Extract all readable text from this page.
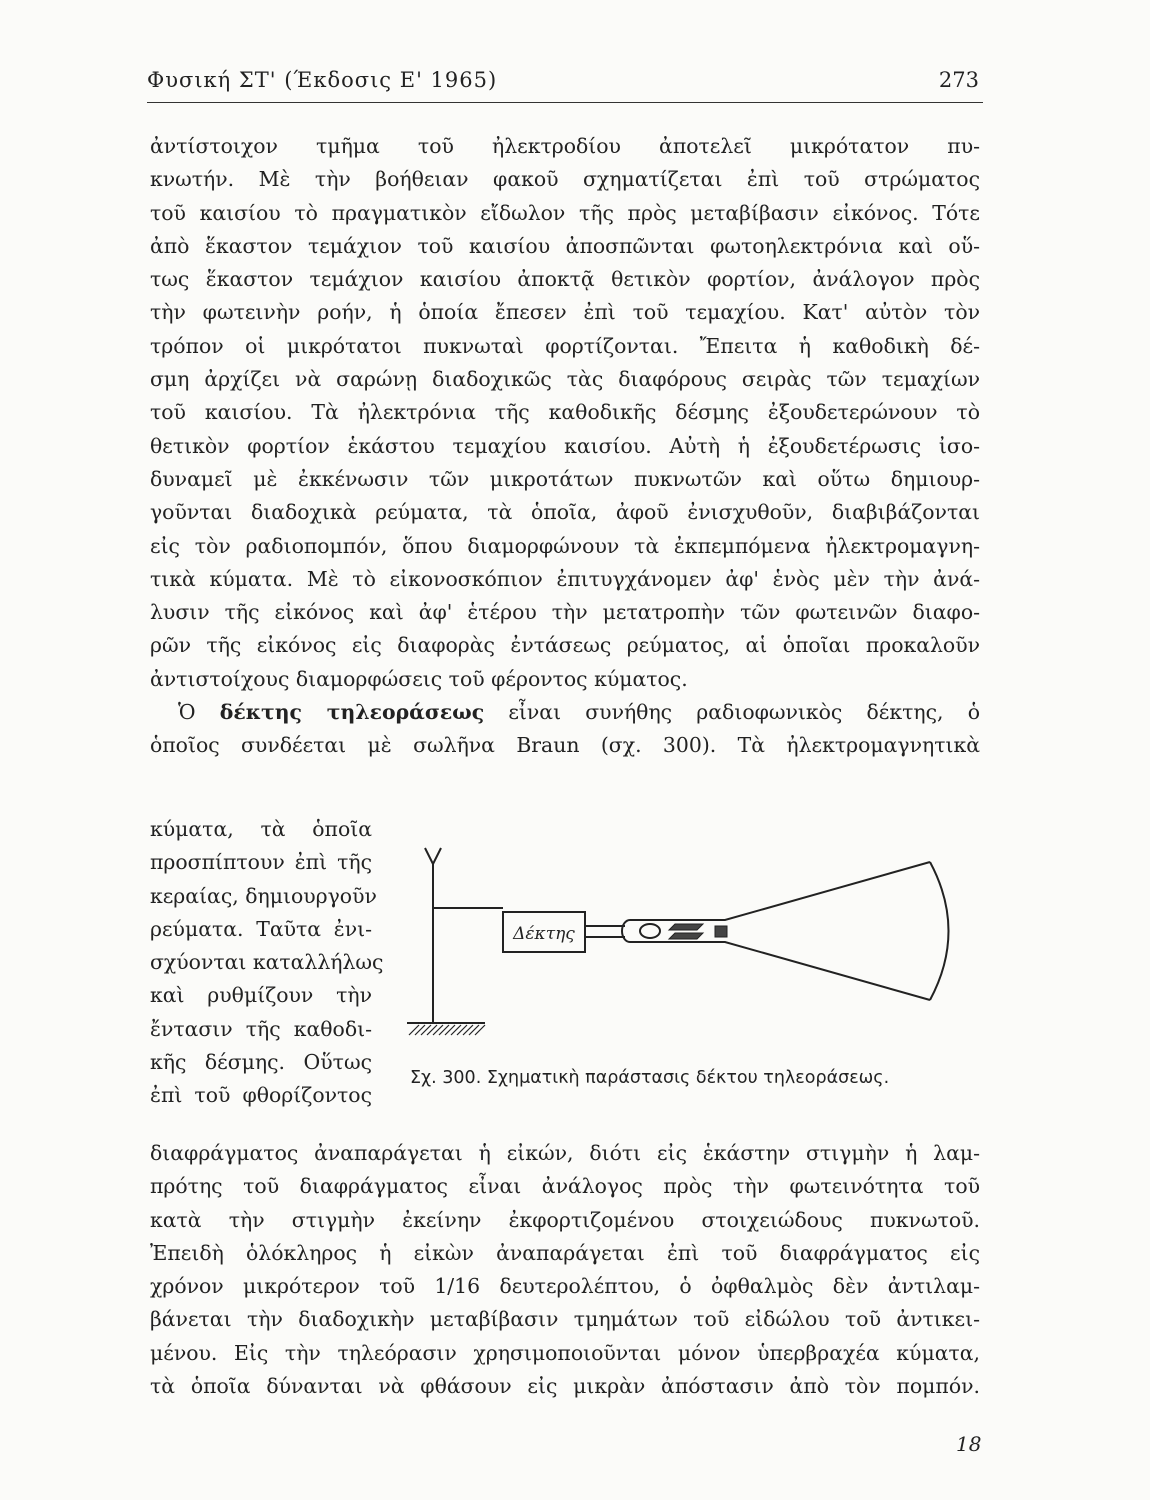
Φυσική ΣΤ' (Έκδοσις Ε' 1965)	273
ἀντίστοιχον τμῆμα τοῦ ἠλεκτροδίου ἀποτελεῖ μικρότατον πυ-
κνωτήν. Μὲ τὴν βοήθειαν φακοῦ σχηματίζεται ἐπὶ τοῦ στρώματος
τοῦ καισίου τὸ πραγματικὸν εἴδωλον τῆς πρὸς μεταβίβασιν εἰκόνος. Τότε
ἀπὸ ἕκαστον τεμάχιον τοῦ καισίου ἀποσπῶνται φωτοηλεκτρόνια καὶ οὕ-
τως ἕκαστον τεμάχιον καισίου ἀποκτᾷ θετικὸν φορτίον, ἀνάλογον πρὸς
τὴν φωτεινὴν ροήν, ἡ ὁποία ἔπεσεν ἐπὶ τοῦ τεμαχίου. Κατ' αὐτὸν τὸν
τρόπον οἱ μικρότατοι πυκνωταὶ φορτίζονται. Ἔπειτα ἡ καθοδικὴ δέ-
σμη ἀρχίζει νὰ σαρώνῃ διαδοχικῶς τὰς διαφόρους σειρὰς τῶν τεμαχίων
τοῦ καισίου. Τὰ ἠλεκτρόνια τῆς καθοδικῆς δέσμης ἐξουδετερώνουν τὸ
θετικὸν φορτίον ἑκάστου τεμαχίου καισίου. Αὐτὴ ἡ ἐξουδετέρωσις ἰσο-
δυναμεῖ μὲ ἐκκένωσιν τῶν μικροτάτων πυκνωτῶν καὶ οὕτω δημιουρ-
γοῦνται διαδοχικὰ ρεύματα, τὰ ὁποῖα, ἀφοῦ ἐνισχυθοῦν, διαβιβάζονται
εἰς τὸν ραδιοπομπόν, ὅπου διαμορφώνουν τὰ ἐκπεμπόμενα ἠλεκτρομαγνη-
τικὰ κύματα. Μὲ τὸ εἰκονοσκόπιον ἐπιτυγχάνομεν ἀφ' ἑνὸς μὲν τὴν ἀνά-
λυσιν τῆς εἰκόνος καὶ ἀφ' ἑτέρου τὴν μετατροπὴν τῶν φωτεινῶν διαφο-
ρῶν τῆς εἰκόνος εἰς διαφορὰς ἐντάσεως ρεύματος, αἱ ὁποῖαι προκαλοῦν
ἀντιστοίχους διαμορφώσεις τοῦ φέροντος κύματος.
Ὁ δέκτης τηλεοράσεως εἶναι συνήθης ραδιοφωνικὸς δέκτης, ὁ
ὁποῖος συνδέεται μὲ σωλῆνα Braun (σχ. 300). Τὰ ἠλεκτρομαγνητικὰ
κύματα, τὰ ὁποῖα
προσπίπτουν ἐπὶ τῆς
κεραίας, δημιουργοῦν
ρεύματα. Ταῦτα ἐνι-
σχύονται καταλλήλως
καὶ ρυθμίζουν τὴν
ἔντασιν τῆς καθοδι-
κῆς δέσμης. Οὕτως
ἐπὶ τοῦ φθορίζοντος
Δέκτης
Σχ. 300. Σχηματικὴ παράστασις δέκτου τηλεοράσεως.
διαφράγματος ἀναπαράγεται ἡ εἰκών, διότι εἰς ἑκάστην στιγμὴν ἡ λαμ-
πρότης τοῦ διαφράγματος εἶναι ἀνάλογος πρὸς τὴν φωτεινότητα τοῦ
κατὰ τὴν στιγμὴν ἐκείνην ἐκφορτιζομένου στοιχειώδους πυκνωτοῦ.
Ἐπειδὴ ὁλόκληρος ἡ εἰκὼν ἀναπαράγεται ἐπὶ τοῦ διαφράγματος εἰς
χρόνον μικρότερον τοῦ 1/16 δευτερολέπτου, ὁ ὀφθαλμὸς δὲν ἀντιλαμ-
βάνεται τὴν διαδοχικὴν μεταβίβασιν τμημάτων τοῦ εἰδώλου τοῦ ἀντικει-
μένου. Εἰς τὴν τηλεόρασιν χρησιμοποιοῦνται μόνον ὑπερβραχέα κύματα,
τὰ ὁποῖα δύνανται νὰ φθάσουν εἰς μικρὰν ἀπόστασιν ἀπὸ τὸν πομπόν.
18
